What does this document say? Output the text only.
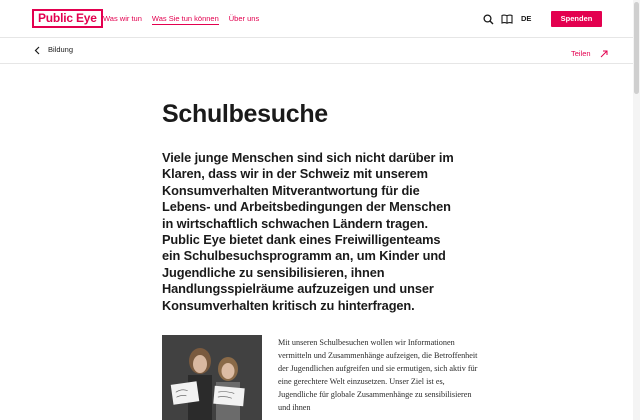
Public Eye Was wir tun Was Sie tun können Über uns	DE	Spenden
Bildung	Teilen
Schulbesuche

Viele junge Menschen sind sich nicht darüber im Klaren, dass wir in der Schweiz mit unserem Konsumverhalten Mitverantwortung für die Lebens- und Arbeitsbedingungen der Menschen in wirtschaftlich schwachen Ländern tragen. Public Eye bietet dank eines Freiwilligenteams ein Schulbesuchsprogramm an, um Kinder und Jugendliche zu sensibilisieren, ihnen Handlungsspielräume aufzuzeigen und unser Konsumverhalten kritisch zu hinterfragen.

Mit unseren Schulbesuchen wollen wir Informationen vermitteln und Zusammenhänge aufzeigen, die Betroffenheit der Jugendlichen aufgreifen und sie ermutigen, sich aktiv für eine gerechtere Welt einzusetzen. Unser Ziel ist es, Jugendliche für globale Zusammenhänge zu sensibilisieren und ihnen
